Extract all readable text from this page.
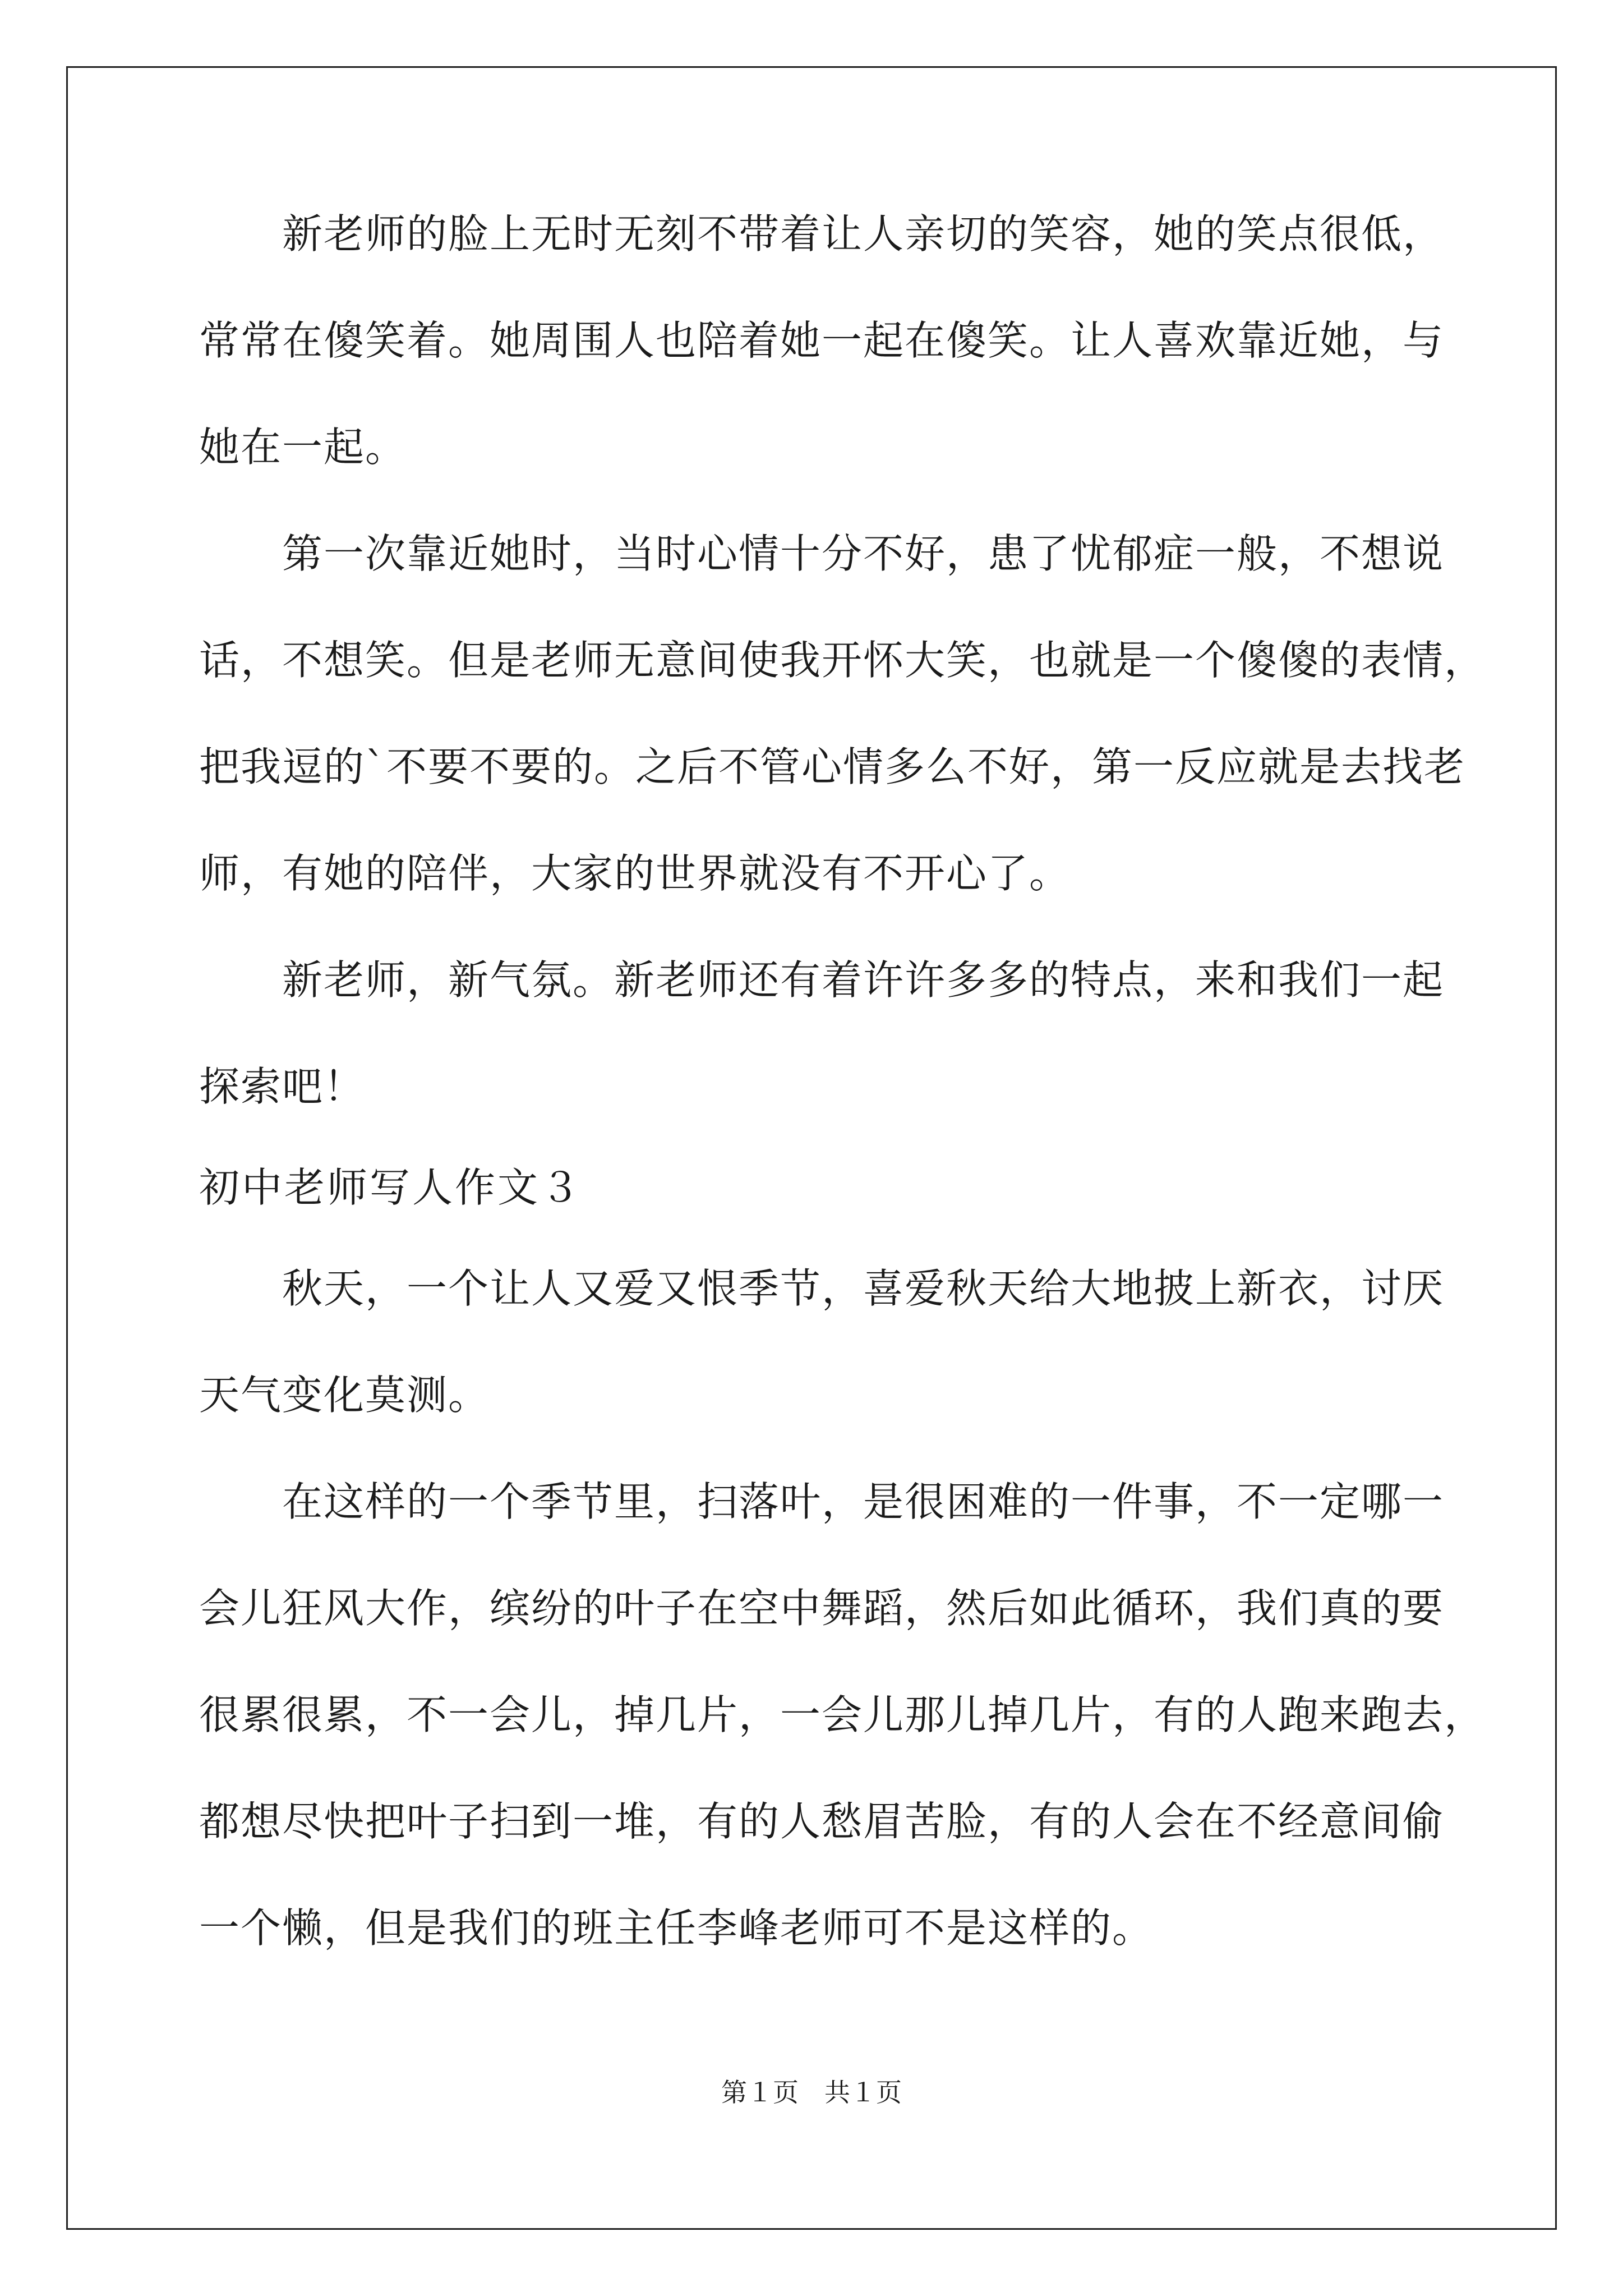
新老师的脸上无时无刻不带着让人亲切的笑容，她的笑点很低，
常常在傻笑着。她周围人也陪着她一起在傻笑。让人喜欢靠近她，与
她在一起。
第一次靠近她时，当时心情十分不好，患了忧郁症一般，不想说
话，不想笑。但是老师无意间使我开怀大笑，也就是一个傻傻的表情，
把我逗的`不要不要的。之后不管心情多么不好，第一反应就是去找老
师，有她的陪伴，大家的世界就没有不开心了。
新老师，新气氛。新老师还有着许许多多的特点，来和我们一起
探索吧！
初中老师写人作文３
秋天，一个让人又爱又恨季节，喜爱秋天给大地披上新衣，讨厌
天气变化莫测。
在这样的一个季节里，扫落叶，是很困难的一件事，不一定哪一
会儿狂风大作，缤纷的叶子在空中舞蹈，然后如此循环，我们真的要
很累很累，不一会儿，掉几片，一会儿那儿掉几片，有的人跑来跑去，
都想尽快把叶子扫到一堆，有的人愁眉苦脸，有的人会在不经意间偷
一个懒，但是我们的班主任李峰老师可不是这样的。
第１页　共１页
